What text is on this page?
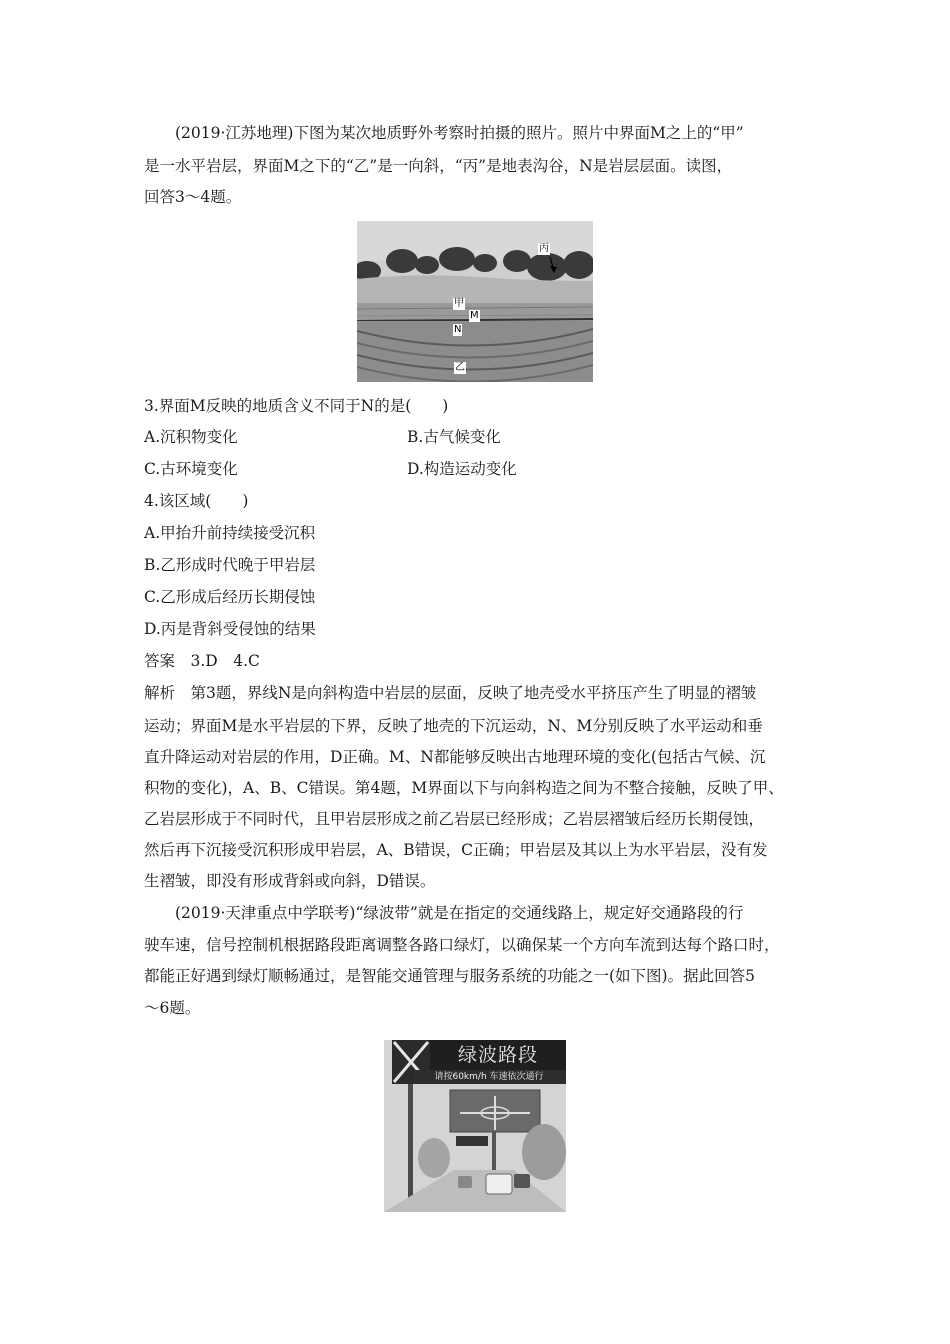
(2019·江苏地理)下图为某次地质野外考察时拍摄的照片。照片中界面M之上的“甲”
是一水平岩层，界面M之下的“乙”是一向斜，“丙”是地表沟谷，N是岩层层面。读图，
回答3～4题。
丙
甲
M
N
乙
3.界面M反映的地质含义不同于N的是(　　)
A.沉积物变化	B.古气候变化
C.古环境变化	D.构造运动变化
4.该区域(　　)
A.甲抬升前持续接受沉积
B.乙形成时代晚于甲岩层
C.乙形成后经历长期侵蚀
D.丙是背斜受侵蚀的结果
答案　3.D　4.C
解析　第3题，界线N是向斜构造中岩层的层面，反映了地壳受水平挤压产生了明显的褶皱
运动；界面M是水平岩层的下界，反映了地壳的下沉运动，N、M分别反映了水平运动和垂
直升降运动对岩层的作用，D正确。M、N都能够反映出古地理环境的变化(包括古气候、沉
积物的变化)，A、B、C错误。第4题，M界面以下与向斜构造之间为不整合接触，反映了甲、
乙岩层形成于不同时代，且甲岩层形成之前乙岩层已经形成；乙岩层褶皱后经历长期侵蚀，
然后再下沉接受沉积形成甲岩层，A、B错误，C正确；甲岩层及其以上为水平岩层，没有发
生褶皱，即没有形成背斜或向斜，D错误。
(2019·天津重点中学联考)“绿波带”就是在指定的交通线路上，规定好交通路段的行
驶车速，信号控制机根据路段距离调整各路口绿灯，以确保某一个方向车流到达每个路口时，
都能正好遇到绿灯顺畅通过，是智能交通管理与服务系统的功能之一(如下图)。据此回答5
～6题。
绿波路段
请按60km/h 车速依次通行
